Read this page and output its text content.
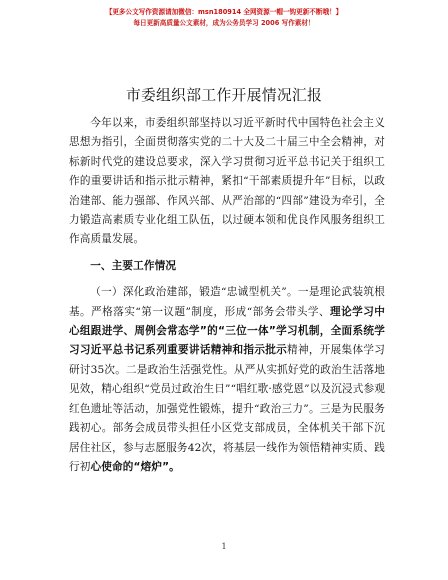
【更多公文写作资源请加微信：msn180914 全网资源一帽一钩更新不断哦！】
每日更新高质量公文素材，成为公务员学习 2006 写作素材！
市委组织部工作开展情况汇报

今年以来，市委组织部坚持以习近平新时代中国特色社会主义思想为指引，全面贯彻落实党的二十大及二十届三中全会精神，对标新时代党的建设总要求，深入学习贯彻习近平总书记关于组织工作的重要讲话和指示批示精神，紧扣“干部素质提升年”目标，以政治建部、能力强部、作风兴部、从严治部的“四部”建设为牵引，全力锻造高素质专业化组工队伍，以过硬本领和优良作风服务组织工作高质量发展。

一、主要工作情况

（一）深化政治建部，锻造“忠诚型机关”。一是理论武装筑根基。严格落实“第一议题”制度，形成“部务会带头学、理论学习中心组跟进学、周例会常态学”的“三位一体”学习机制，全面系统学习习近平总书记系列重要讲话精神和指示批示精神，开展集体学习研讨35次。二是政治生活强党性。从严从实抓好党的政治生活落地见效，精心组织“党员过政治生日”“唱红歌·感党恩”以及沉浸式参观红色遗址等活动，加强党性锻炼，提升“政治三力”。三是为民服务践初心。部务会成员带头担任小区党支部成员，全体机关干部下沉居住社区，参与志愿服务42次，将基层一线作为领悟精神实质、践行初心使命的“熔炉”。

1
